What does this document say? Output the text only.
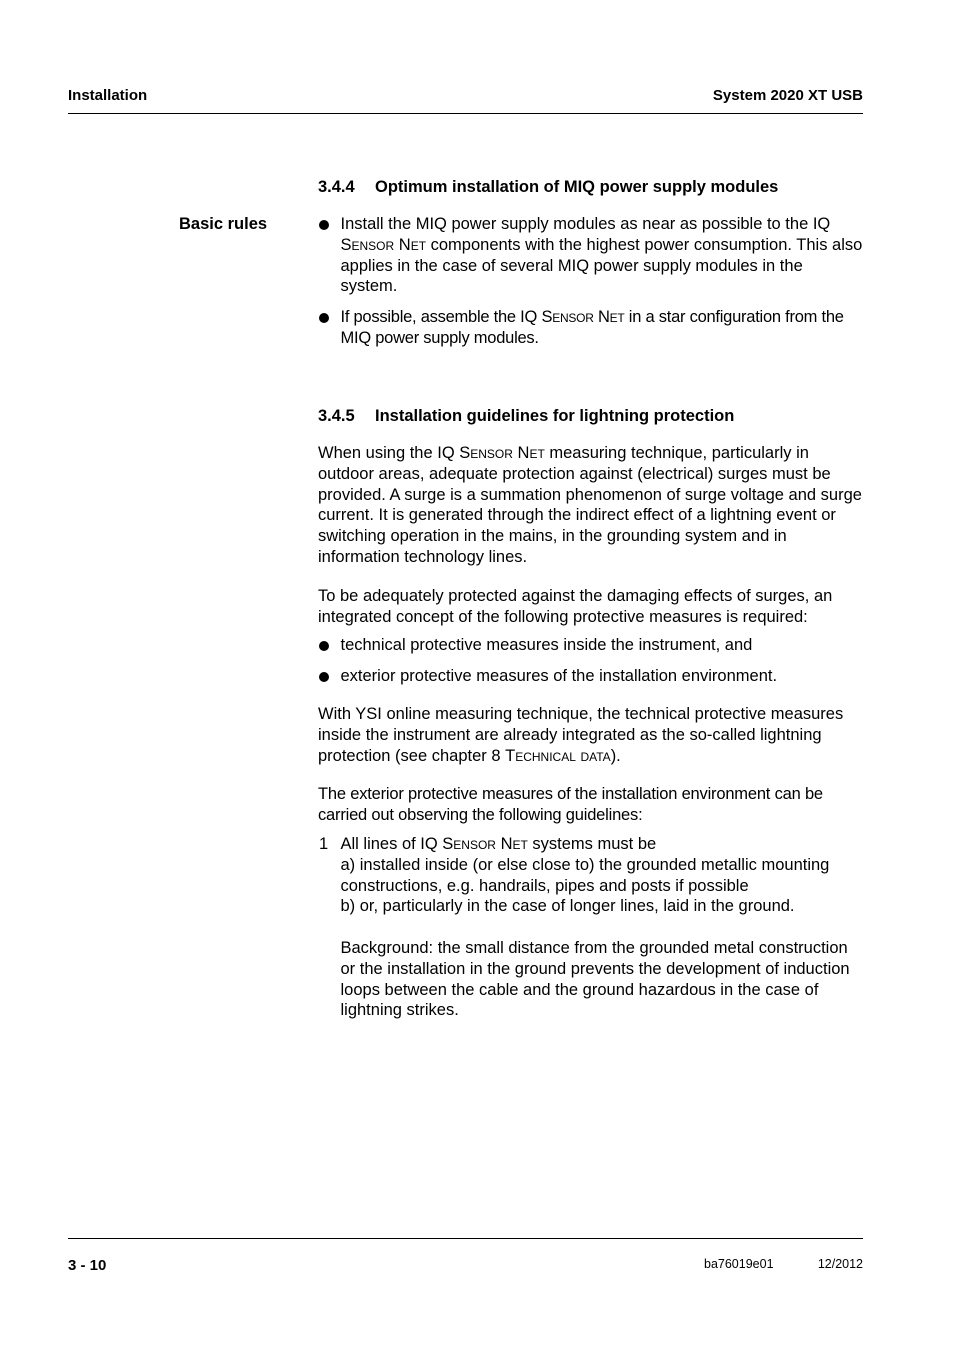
Installation	System 2020 XT USB
3.4.4 Optimum installation of MIQ power supply modules
Basic rules	Install the MIQ power supply modules as near as possible to the IQ Sensor Net components with the highest power consumption. This also applies in the case of several MIQ power supply modules in the system.
If possible, assemble the IQ Sensor Net in a star configuration from the MIQ power supply modules.
3.4.5 Installation guidelines for lightning protection
When using the IQ Sensor Net measuring technique, particularly in outdoor areas, adequate protection against (electrical) surges must be provided. A surge is a summation phenomenon of surge voltage and surge current. It is generated through the indirect effect of a lightning event or switching operation in the mains, in the grounding system and in information technology lines.
To be adequately protected against the damaging effects of surges, an integrated concept of the following protective measures is required:
technical protective measures inside the instrument, and
exterior protective measures of the installation environment.
With YSI online measuring technique, the technical protective measures inside the instrument are already integrated as the so-called lightning protection (see chapter 8 Technical data).
The exterior protective measures of the installation environment can be carried out observing the following guidelines:
1 All lines of IQ Sensor Net systems must be
a) installed inside (or else close to) the grounded metallic mounting constructions, e.g. handrails, pipes and posts if possible
b) or, particularly in the case of longer lines, laid in the ground.
Background: the small distance from the grounded metal construction or the installation in the ground prevents the development of induction loops between the cable and the ground hazardous in the case of lightning strikes.
3 - 10	ba76019e01	12/2012
